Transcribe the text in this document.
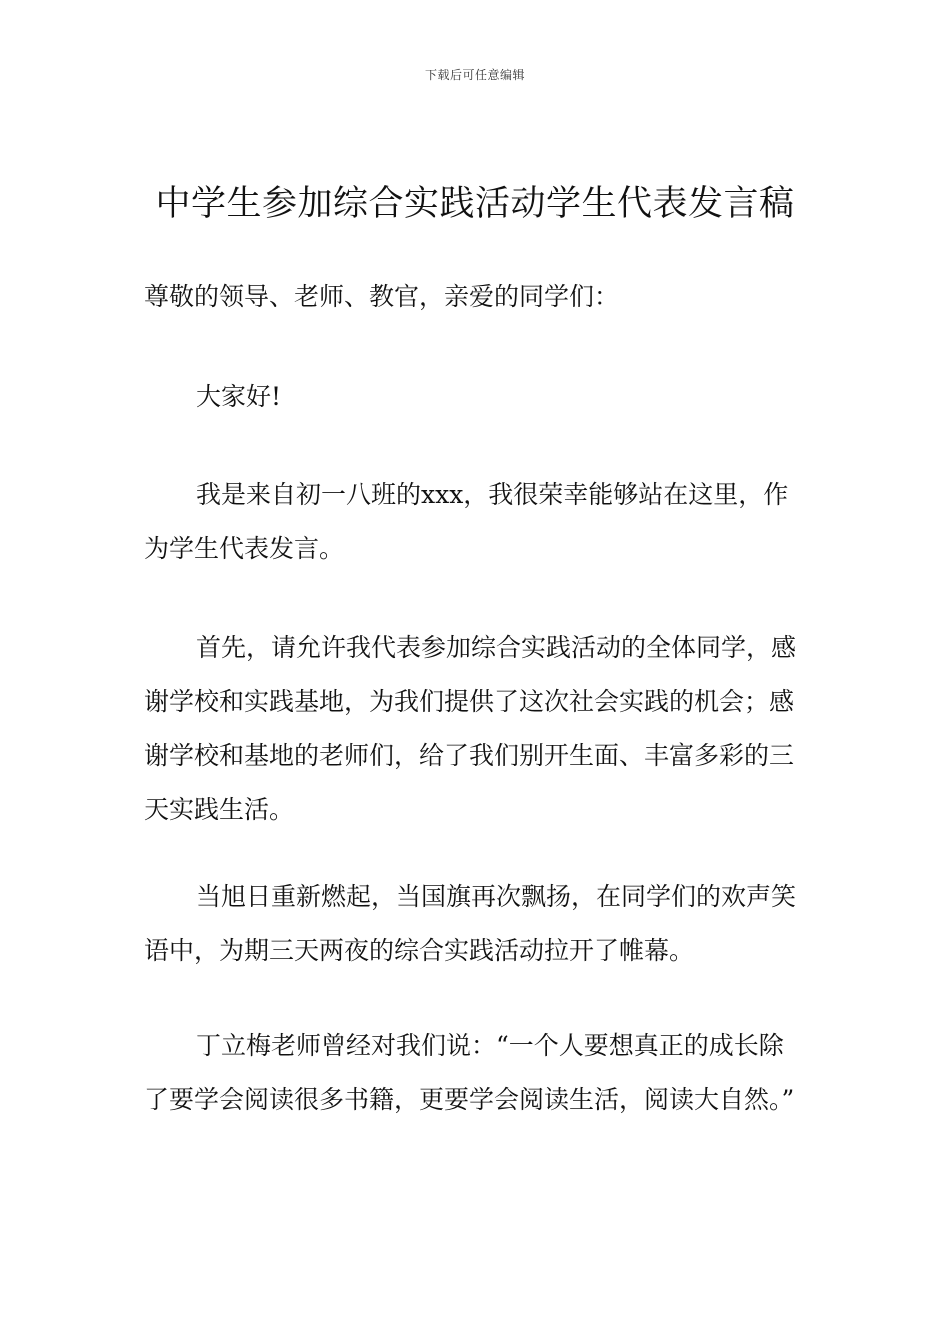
下载后可任意编辑
中学生参加综合实践活动学生代表发言稿

尊敬的领导、老师、教官，亲爱的同学们：

大家好!

我是来自初一八班的xxx，我很荣幸能够站在这里，作为学生代表发言。

首先，请允许我代表参加综合实践活动的全体同学，感谢学校和实践基地，为我们提供了这次社会实践的机会；感谢学校和基地的老师们，给了我们别开生面、丰富多彩的三天实践生活。

当旭日重新燃起，当国旗再次飘扬，在同学们的欢声笑语中，为期三天两夜的综合实践活动拉开了帷幕。

丁立梅老师曾经对我们说：“一个人要想真正的成长除了要学会阅读很多书籍，更要学会阅读生活，阅读大自然。”
